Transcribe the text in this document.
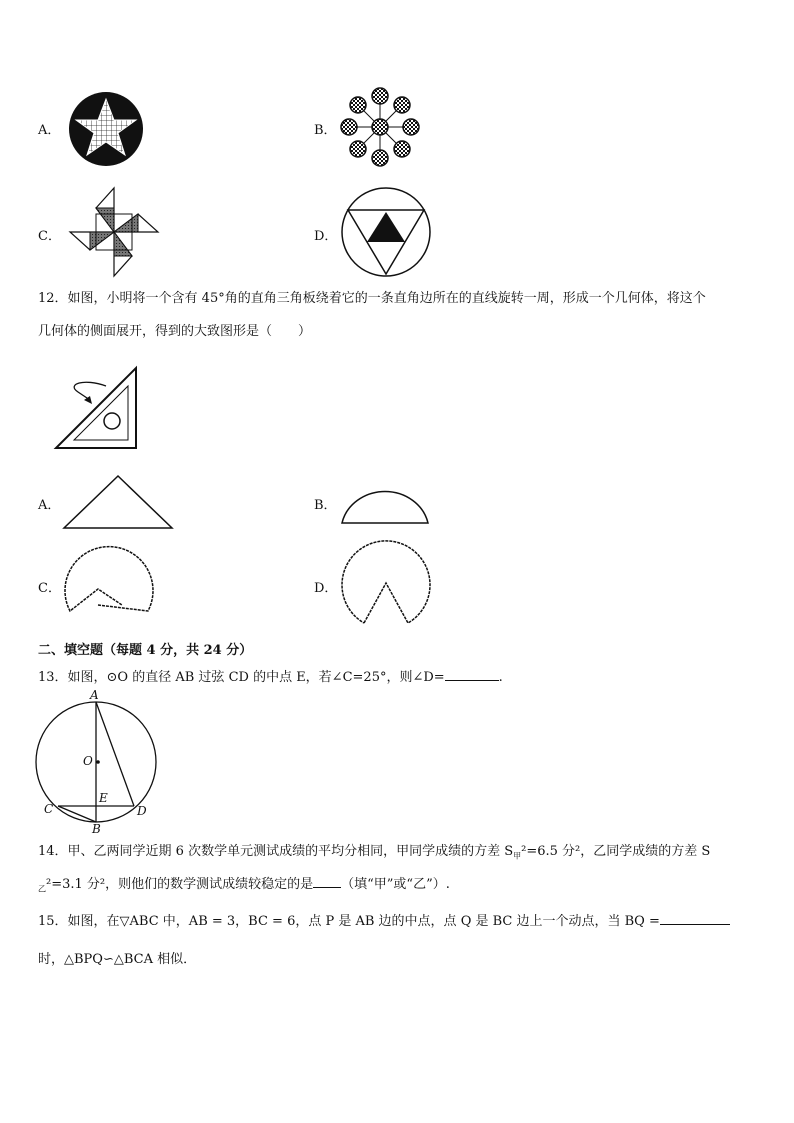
A．	B．
C．	D．
12．如图，小明将一个含有 45°角的直角三角板绕着它的一条直角边所在的直线旋转一周，形成一个几何体，将这个
几何体的侧面展开，得到的大致图形是（　　）
A．	B．
C．	D．
二、填空题（每题 4 分，共 24 分）
13．如图，⊙O 的直径 AB 过弦 CD 的中点 E，若∠C=25°，则∠D=	.
A
O
E
C	D
B
14．甲、乙两同学近期 6 次数学单元测试成绩的平均分相同，甲同学成绩的方差 $S_甲^2=6.5$ 分²，乙同学成绩的方差 S
$_乙$²=3.1 分²，则他们的数学测试成绩较稳定的是 （填“甲”或“乙”）.
15．如图，在▽ABC 中，AB = 3，BC = 6，点 P 是 AB 边的中点，点 Q 是 BC 边上一个动点，当 BQ =
时，△BPQ∽△BCA 相似．
